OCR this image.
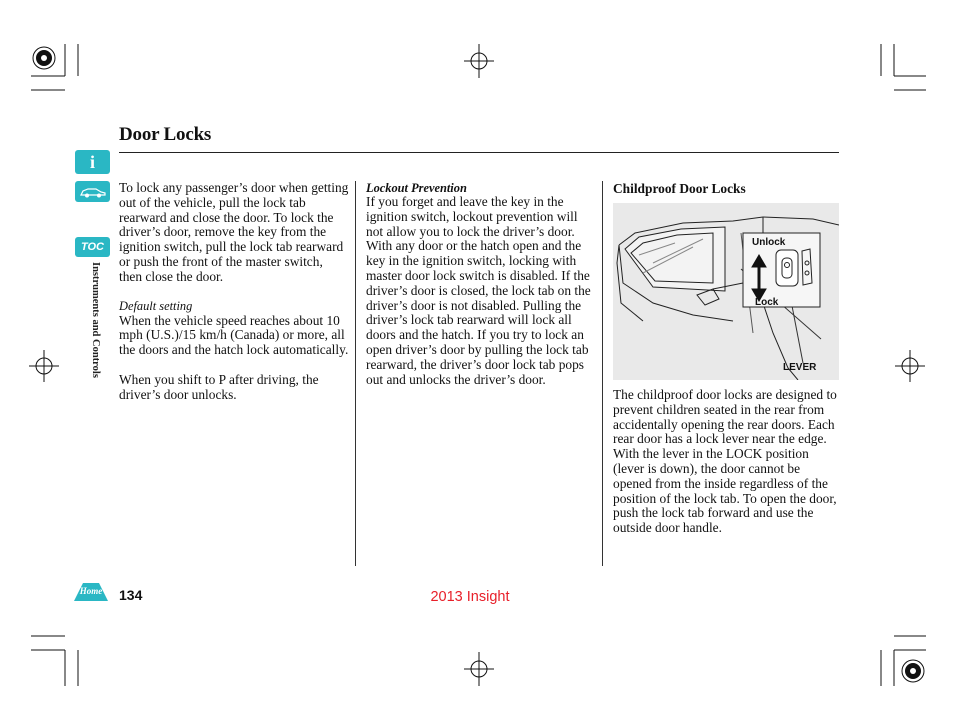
Door Locks
i
TOC
Instruments and Controls

To lock any passenger’s door when getting out of the vehicle, pull the lock tab rearward and close the door. To lock the driver’s door, remove the key from the ignition switch, pull the lock tab rearward or push the front of the master switch, then close the door.

Default setting

When the vehicle speed reaches about 10 mph (U.S.)/15 km/h (Canada) or more, all the doors and the hatch lock automatically.

When you shift to P after driving, the driver’s door unlocks.

Lockout Prevention

If you forget and leave the key in the ignition switch, lockout prevention will not allow you to lock the driver’s door. With any door or the hatch open and the key in the ignition switch, locking with master door lock switch is disabled. If the driver’s door is closed, the lock tab on the driver’s door is not disabled. Pulling the driver’s lock tab rearward will lock all doors and the hatch. If you try to lock an open driver’s door by pulling the lock tab rearward, the driver’s door lock tab pops out and unlocks the driver’s door.

Childproof Door Locks
Unlock
Lock
LEVER

The childproof door locks are designed to prevent children seated in the rear from accidentally opening the rear doors. Each rear door has a lock lever near the edge. With the lever in the LOCK position (lever is down), the door cannot be opened from the inside regardless of the position of the lock tab. To open the door, push the lock tab forward and use the outside door handle.

Home 134	2013 Insight
